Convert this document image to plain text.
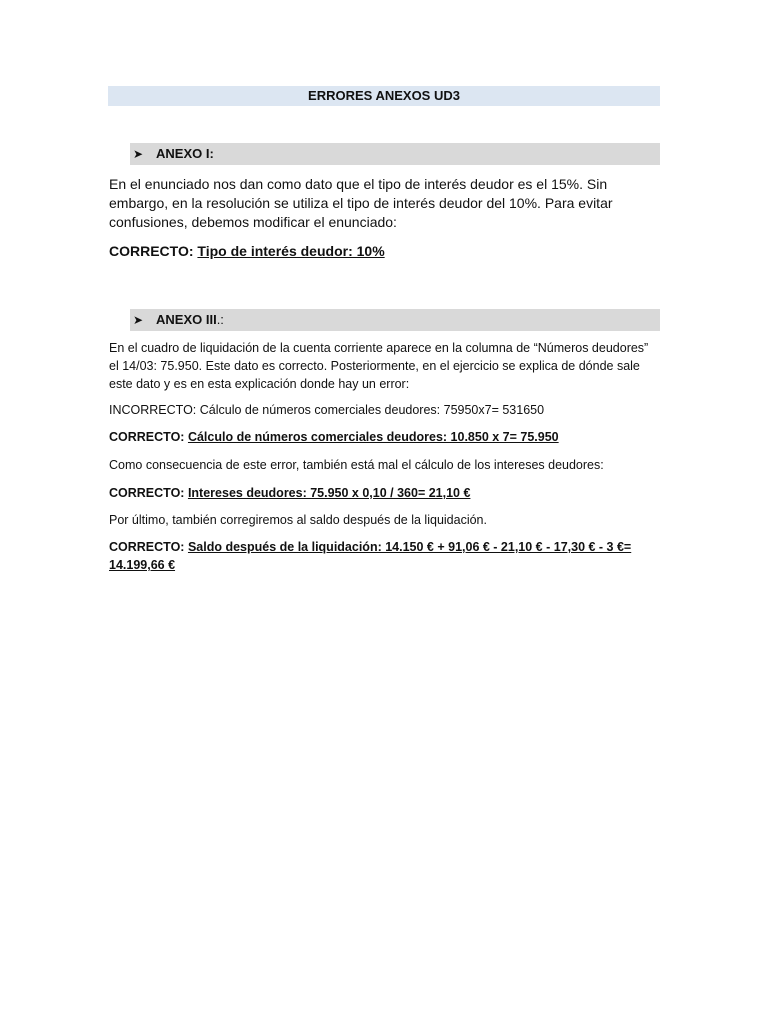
ERRORES ANEXOS UD3
➤ ANEXO I:

En el enunciado nos dan como dato que el tipo de interés deudor es el 15%. Sin embargo, en la resolución se utiliza el tipo de interés deudor del 10%. Para evitar confusiones, debemos modificar el enunciado:

CORRECTO: Tipo de interés deudor: 10%

➤ ANEXO III.:

En el cuadro de liquidación de la cuenta corriente aparece en la columna de “Números deudores” el 14/03: 75.950. Este dato es correcto. Posteriormente, en el ejercicio se explica de dónde sale este dato y es en esta explicación donde hay un error:

INCORRECTO: Cálculo de números comerciales deudores: 75950x7= 531650

CORRECTO: Cálculo de números comerciales deudores: 10.850 x 7= 75.950

Como consecuencia de este error, también está mal el cálculo de los intereses deudores:

CORRECTO: Intereses deudores: 75.950 x 0,10 / 360= 21,10 €

Por último, también corregiremos al saldo después de la liquidación.

CORRECTO: Saldo después de la liquidación: 14.150 € + 91,06 € - 21,10 € - 17,30 € - 3 €= 14.199,66 €
